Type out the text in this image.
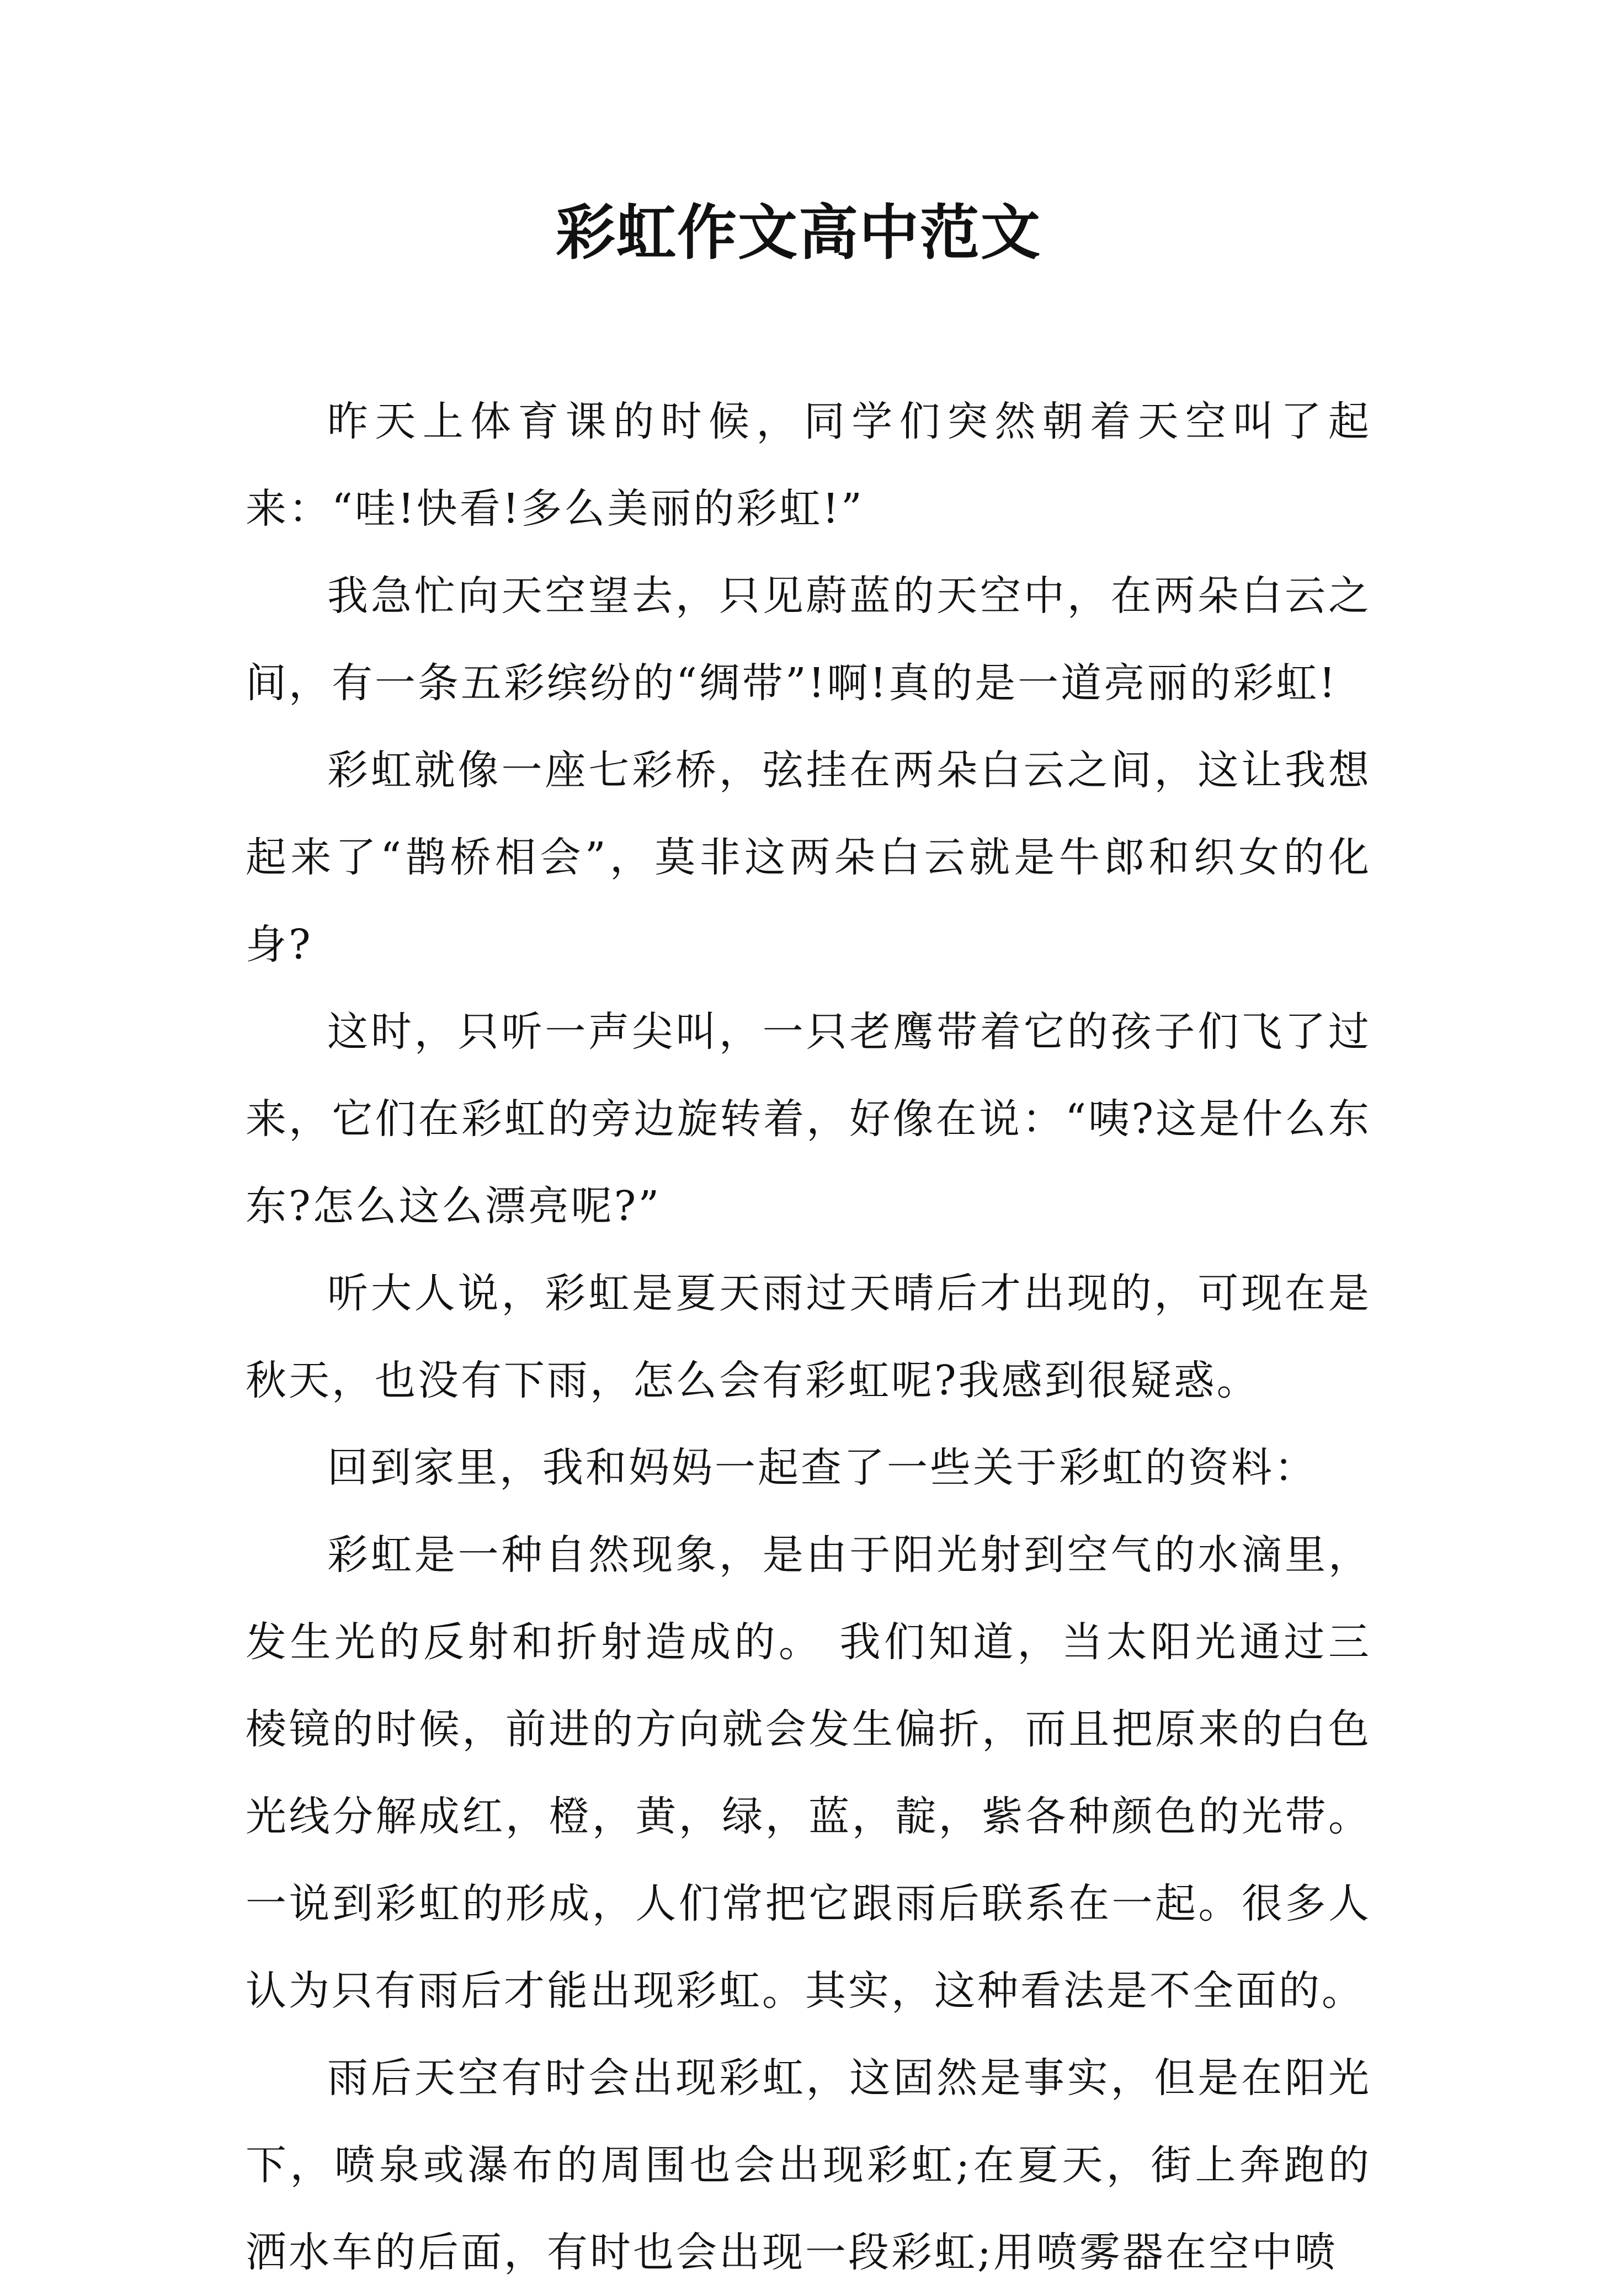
彩虹作文高中范文

昨天上体育课的时候，同学们突然朝着天空叫了起来：“哇!快看!多么美丽的彩虹!”

我急忙向天空望去，只见蔚蓝的天空中，在两朵白云之间，有一条五彩缤纷的“绸带”!啊!真的是一道亮丽的彩虹!

彩虹就像一座七彩桥，弦挂在两朵白云之间，这让我想起来了“鹊桥相会”，莫非这两朵白云就是牛郎和织女的化身?

这时，只听一声尖叫，一只老鹰带着它的孩子们飞了过来，它们在彩虹的旁边旋转着，好像在说：“咦?这是什么东东?怎么这么漂亮呢?”

听大人说，彩虹是夏天雨过天晴后才出现的，可现在是秋天，也没有下雨，怎么会有彩虹呢?我感到很疑惑。

回到家里，我和妈妈一起查了一些关于彩虹的资料：

彩虹是一种自然现象，是由于阳光射到空气的水滴里，发生光的反射和折射造成的。 我们知道，当太阳光通过三棱镜的时候，前进的方向就会发生偏折，而且把原来的白色光线分解成红，橙，黄，绿，蓝，靛，紫各种颜色的光带。一说到彩虹的形成，人们常把它跟雨后联系在一起。很多人认为只有雨后才能出现彩虹。其实，这种看法是不全面的。

雨后天空有时会出现彩虹，这固然是事实，但是在阳光下，喷泉或瀑布的周围也会出现彩虹;在夏天，街上奔跑的洒水车的后面，有时也会出现一段彩虹;用喷雾器在空中喷
